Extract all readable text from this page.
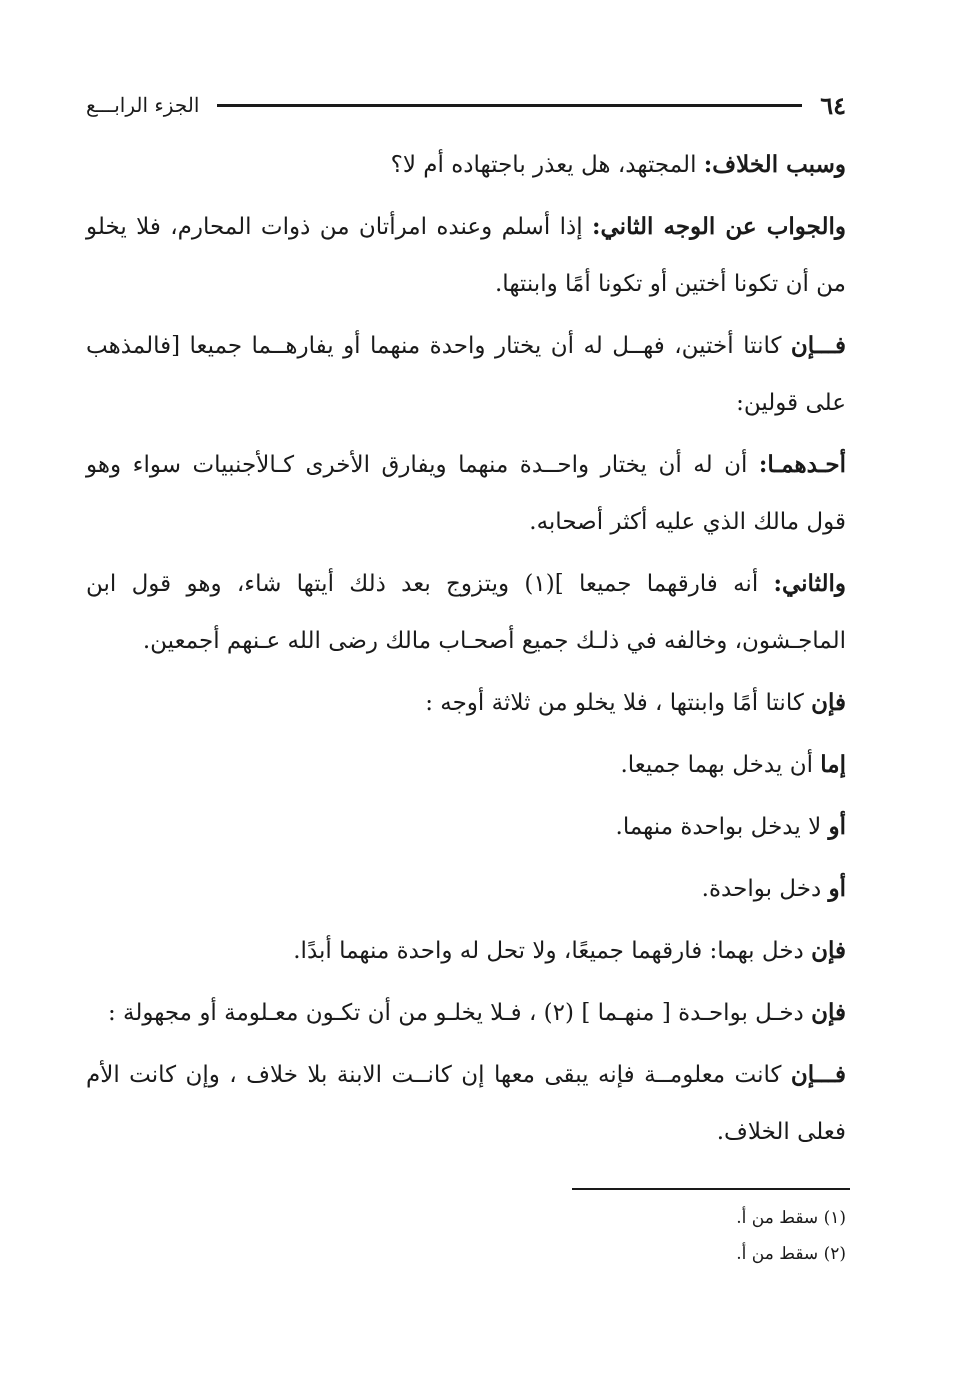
٦٤
الجزء الرابـــع

وسبب الخلاف: المجتهد، هل يعذر باجتهاده أم لا؟

والجواب عن الوجه الثاني: إذا أسلم وعنده امرأتان من ذوات المحارم، فلا يخلو من أن تكونا أختين أو تكونا أمًا وابنتها.

فـــإن كانتا أختين، فهــل له أن يختار واحدة منهما أو يفارهــما جميعا [فالمذهب على قولين:

أحـدهمـا: أن له أن يختار واحــدة منهما ويفارق الأخرى كـالأجنبيات سواء وهو قول مالك الذي عليه أكثر أصحابه.

والثاني: أنه فارقهما جميعا ](١) ويتزوج بعد ذلك أيتها شاء، وهو قول ابن الماجـشون، وخالفه في ذلـك جميع أصحـاب مالك رضى الله عـنهم أجمعين.

فإن كانتا أمًا وابنتها ، فلا يخلو من ثلاثة أوجه :

إما أن يدخل بهما جميعا.

أو لا يدخل بواحدة منهما.

أو دخل بواحدة.

فإن دخل بهما: فارقهما جميعًا، ولا تحل له واحدة منهما أبدًا.

فإن دخـل بواحـدة [ منهـما ] (٢) ، فـلا يخلـو من أن تكـون معـلومة أو مجهولة :

فـــإن كانت معلومــة فإنه يبقى معها إن كانــت الابنة بلا خلاف ، وإن كانت الأم فعلى الخلاف.

(١) سقط من أ.
(٢) سقط من أ.
